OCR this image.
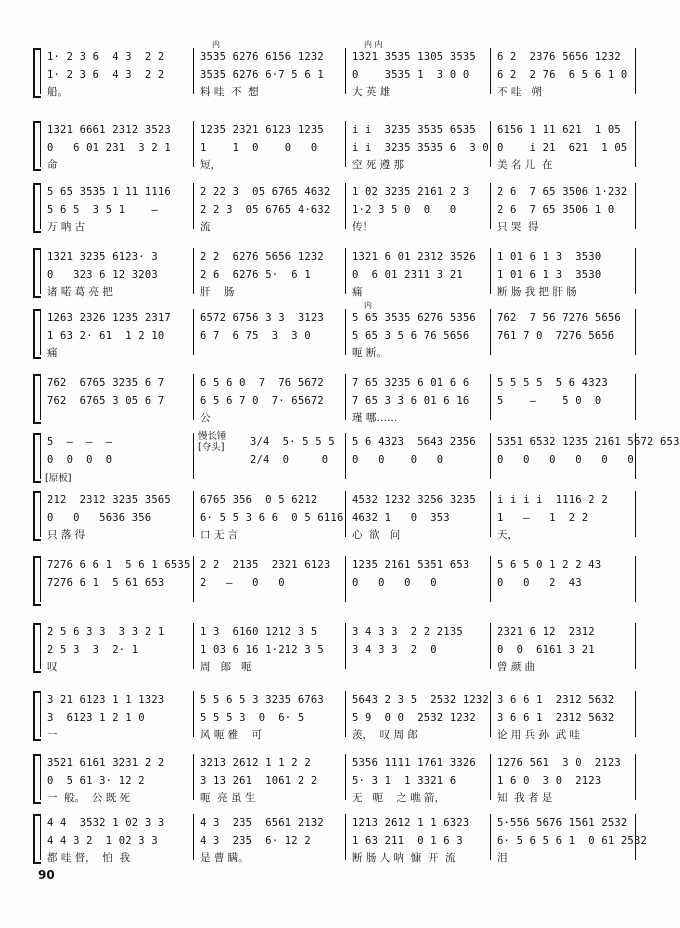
1· 2 3 6  4 3  2 2
1· 2 3 6  4 3  2 2
船。
内
3535 6276 6156 1232
3535 6276 6·7 5 6 1
料 哇  不  想
内 内
1321 3535 1305 3535
0    3535 1  3 0 0
大 英 雄
6 2  2376 5656 1232
6 2  2 76  6 5 6 1 0
不 哇   朔
1321 6661 2312 3523
0   6 01 231  3 2 1
命
1235 2321 6123 1235
1    1  0    0   0
短，
i i  3235 3535 6535
i i  3235 3535 6  3 0
空 死 遵 那
6156 1 11 621  1 05
0    i 21  621  1 05
美 名 儿  在
5 65 3535 1 11 1116
5 6 5  3 5 1    —
万 呐 古
2 22 3  05 6765 4632
2 2 3  05 6765 4·632
流
1 02 3235 2161 2 3
1·2 3 5 0  0   0
传！
2 6  7 65 3506 1·232
2 6  7 65 3506 1 0
只 哭  得
1321 3235 6123· 3
0   323 6 12 3203
诸 喏 葛 亮 把
2 2  6276 5656 1232
2 6  6276 5·  6 1
肝    肠
1321 6 01 2312 3526
0  6 01 2311 3 21
痛
1 01 6 1 3  3530
1 01 6 1 3  3530
断 肠 我 把 肝 肠
1263 2326 1235 2317
1 63 2· 61  1 2 10
痛
6572 6756 3 3  3123
6 7  6 75  3  3 0
内
5 65 3535 6276 5356
5 65 3 5 6 76 5656
呃 断。
762  7 56 7276 5656
761 7 0  7276 5656
762  6765 3235 6 7
762  6765 3 05 6 7
6 5 6 0  7  76 5672
6 5 6 7 0  7· 65672
公
7 65 3235 6 01 6 6
7 65 3 3 6 01 6 16
瑾 哪……
5 5 5 5  5 6 4323
5    —    5 0  0
5  —  —  —
0  0  0  0
慢长锤
[夺头] 3/4  5· 5 5 5
2/4  0     0
5 6 4323  5643 2356
0   0    0   0
5351 6532 1235 2161 5672 653
0   0   0   0   0   0
[原板]
212  2312 3235 3565
0   0   5636 356
只 落 得
6765 356  0 5 6212
6· 5 5 3 6 6  0 5 6116
口 无 言
4532 1232 3256 3235
4632 1   0  353
心  欲   问
i i i i  1116 2 2
1   —   1  2 2
天，
7276 6 6 1  5 6 1 6535
7276 6 1  5 61 653
2 2  2135  2321 6123
2   —   0   0
1235 2161 5351 653
0   0   0   0
5 6 5 0 1 2 2 43
0   0   2  43
2 5 6 3 3  3 3 2 1
2 5 3  3  2· 1
叹
1 3  6160 1212 3 5
1 03 6 16 1·212 3 5
周   郎   呃
3 4 3 3  2 2 2135
3 4 3 3  2  0
2321 6 12  2312
0  0  6161 3 21
曾 颜 曲
3 21 6123 1 1 1323
3  6123 1 2 1 0
一
5 5 6 5 3 3235 6763
5 5 5 3  0  6· 5
风 呃 雅    可
5643 2 3 5  2532 1232
5 9  0 0  2532 1232
羡，  叹 周 郎
3 6 6 1  2312 5632
3 6 6 1  2312 5632
论 用 兵 孙  武 哇
3521 6161 3231 2 2
0  5 61 3· 12 2
一  般。  公 既 死
3213 2612 1 1 2 2
3 13 261  1061 2 2
呃  亮 虽 生
5356 1111 1761 3326
5· 3 1  1 3321 6
无   呃    之 噍 箭，
1276 561  3 0  2123
1 6 0  3 0  2123
知  我 者 是
4 4  3532 1 02 3 3
4 4 3 2  1 02 3 3
都 哇 督，  怕  我
4 3  235  6561 2132
4 3  235  6· 12 2
是 曹 瞒。
1213 2612 1 1 6323
1 63 211  0 1 6 3
断 肠 人 呐  慷  开  流
5·556 5676 1561 2532
6· 5 6 5 6 1  0 61 2532
泪
90
